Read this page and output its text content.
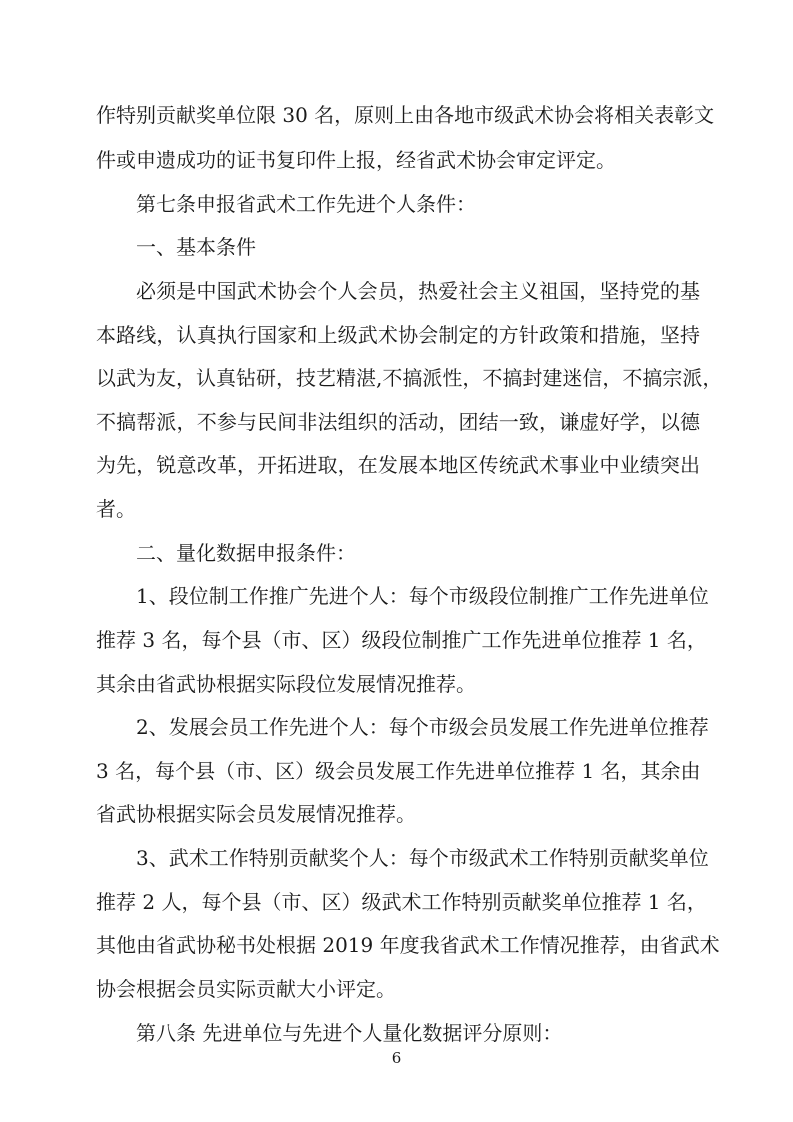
作特别贡献奖单位限 30 名，原则上由各地市级武术协会将相关表彰文
件或申遗成功的证书复印件上报，经省武术协会审定评定。
第七条申报省武术工作先进个人条件：
一、基本条件
必须是中国武术协会个人会员，热爱社会主义祖国，坚持党的基
本路线，认真执行国家和上级武术协会制定的方针政策和措施，坚持
以武为友，认真钻研，技艺精湛,不搞派性，不搞封建迷信，不搞宗派，
不搞帮派，不参与民间非法组织的活动，团结一致，谦虚好学，以德
为先，锐意改革，开拓进取，在发展本地区传统武术事业中业绩突出
者。
二、量化数据申报条件：
1、段位制工作推广先进个人：每个市级段位制推广工作先进单位
推荐 3 名，每个县（市、区）级段位制推广工作先进单位推荐 1 名，
其余由省武协根据实际段位发展情况推荐。
2、发展会员工作先进个人：每个市级会员发展工作先进单位推荐
3 名，每个县（市、区）级会员发展工作先进单位推荐 1 名，其余由
省武协根据实际会员发展情况推荐。
3、武术工作特别贡献奖个人：每个市级武术工作特别贡献奖单位
推荐 2 人，每个县（市、区）级武术工作特别贡献奖单位推荐 1 名，
其他由省武协秘书处根据 2019 年度我省武术工作情况推荐，由省武术
协会根据会员实际贡献大小评定。
第八条 先进单位与先进个人量化数据评分原则：
6
